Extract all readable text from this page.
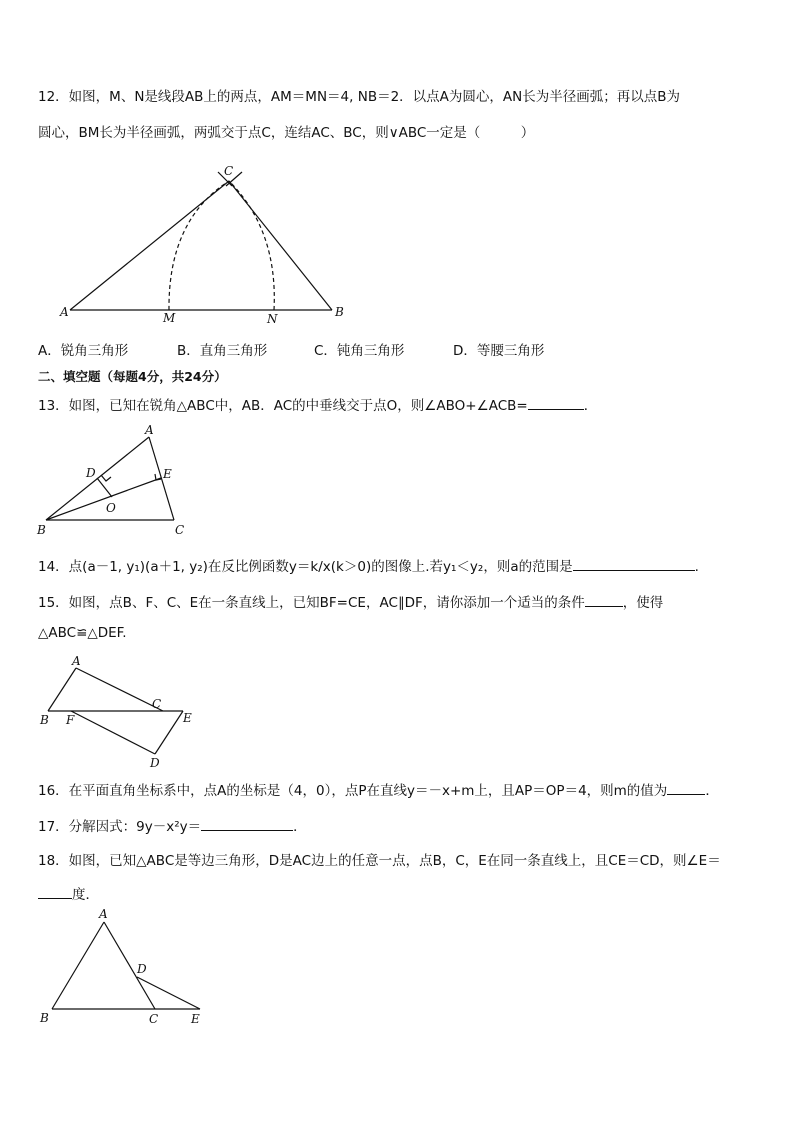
12．如图，M、N是线段AB上的两点，AM＝MN＝4, NB＝2．以点A为圆心，AN长为半径画弧；再以点B为
圆心，BM长为半径画弧，两弧交于点C，连结AC、BC，则∨ABC一定是（　　　）
C
A	B
M	N
A
B	C
D	E
O
A
B F
C
E
D
A
B	C
D
E
A．锐角三角形	B．直角三角形	C．钝角三角形	D．等腰三角形
二、填空题（每题4分，共24分）
13．如图，已知在锐角△ABC中，AB．AC的中垂线交于点O，则∠ABO+∠ACB=	．
14．点(a－1, y₁)(a＋1, y₂)在反比例函数y＝k/x(k＞0)的图像上.若y₁＜y₂，则a的范围是	.
15．如图，点B、F、C、E在一条直线上，已知BF=CE，AC∥DF，请你添加一个适当的条件	，使得
△ABC≌△DEF.
16．在平面直角坐标系中，点A的坐标是（4，0），点P在直线y＝－x+m上，且AP＝OP＝4，则m的值为	．
17．分解因式：9y－x²y＝	．
18．如图，已知△ABC是等边三角形，D是AC边上的任意一点，点B，C，E在同一条直线上，且CE＝CD，则∠E＝
度．
